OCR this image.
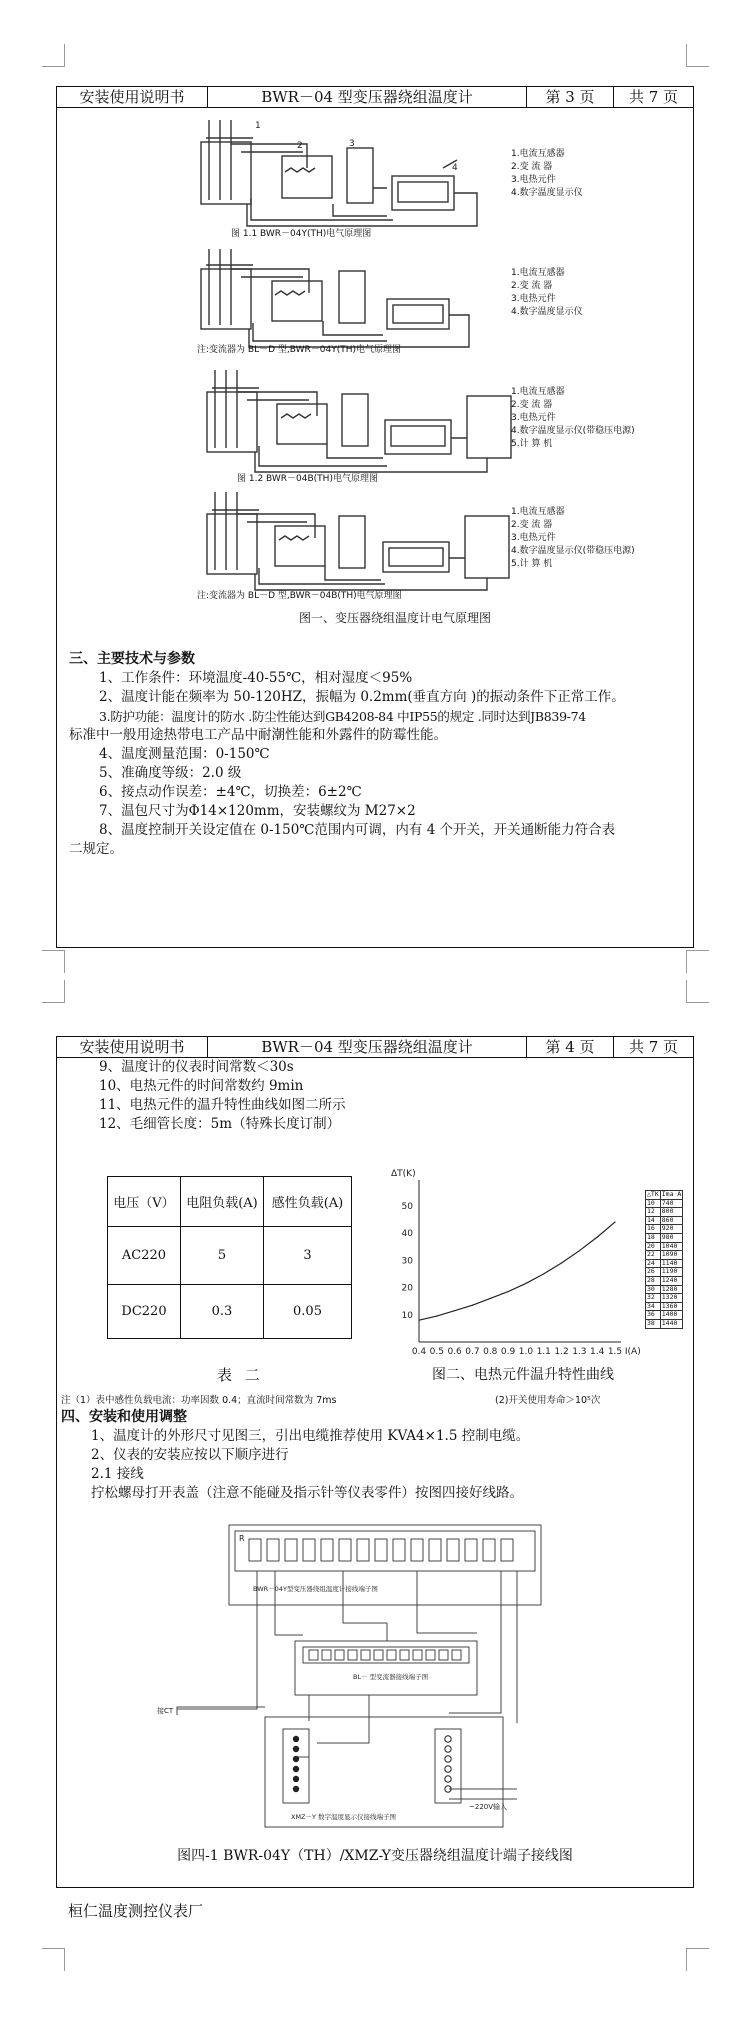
安装使用说明书	BWR－04 型变压器绕组温度计	第 3 页	共 7 页
2	3
4
1
1.电流互感器
2.变 流 器
3.电热元件
4.数字温度显示仪
图 1.1 BWR－04Y(TH)电气原理图
1.电流互感器
2.变 流 器
3.电热元件
4.数字温度显示仪
注:变流器为 BL－D 型,BWR－04Y(TH)电气原理图
1.电流互感器
2.变 流 器
3.电热元件
4.数字温度显示仪(带稳压电源)
5.计 算 机
图 1.2 BWR－04B(TH)电气原理图
1.电流互感器
2.变 流 器
3.电热元件
4.数字温度显示仪(带稳压电源)
5.计 算 机
注:变流器为 BL－D 型,BWR－04B(TH)电气原理图
图一、变压器绕组温度计电气原理图

三、主要技术与参数

1、工作条件：环境温度-40-55℃，相对湿度＜95%

2、温度计能在频率为 50-120HZ，振幅为 0.2mm(垂直方向 )的振动条件下正常工作。

3.防护功能：温度计的防水 .防尘性能达到GB4208-84 中IP55的规定 .同时达到JB839-74

标准中一般用途热带电工产品中耐潮性能和外露件的防霉性能。

4、温度测量范围：0-150℃

5、准确度等级：2.0 级

6、接点动作误差：±4℃，切换差：6±2℃

7、温包尺寸为Φ14×120mm，安装螺纹为 M27×2

8、温度控制开关设定值在 0-150℃范围内可调，内有 4 个开关，开关通断能力符合表

二规定。

安装使用说明书	BWR－04 型变压器绕组温度计	第 4 页	共 7 页

9、温度计的仪表时间常数＜30s

10、电热元件的时间常数约 9min

11、电热元件的温升特性曲线如图二所示

12、毛细管长度：5m（特殊长度订制）

电压（V）	电阻负载(A)	感性负载(A)
AC220	5	3
DC220	0.3	0.05
表 二
ΔT(K)
10
20
30
40
50
0.4 0.5 0.6 0.7 0.8 0.9 1.0 1.1 1.2 1.3 1.4 1.5 I(A)
△TK	Ima A
10	740
12	800
14	860
16	920
18	980
20	1040
22	1090
24	1140
26	1190
28	1240
30	1280
32	1320
34	1360
36	1400
38	1440
图二、电热元件温升特性曲线
注（1）表中感性负载电流：功率因数 0.4；直流时间常数为 7ms	(2)开关使用寿命＞10⁵次

四、安装和使用调整

1、温度计的外形尺寸见图三，引出电缆推荐使用 KVA4×1.5 控制电缆。

2、仪表的安装应按以下顺序进行

2.1 接线

拧松螺母打开表盖（注意不能碰及指示针等仪表零件）按图四接好线路。

BWR－04Y型变压器绕组温度计接线端子图
BL－ 型变流器接线端子图
XMZ－Y 数字温度显示仪接线端子图
接CT
~220V输入
R
图四-1 BWR-04Y（TH）/XMZ-Y变压器绕组温度计端子接线图
桓仁温度测控仪表厂
